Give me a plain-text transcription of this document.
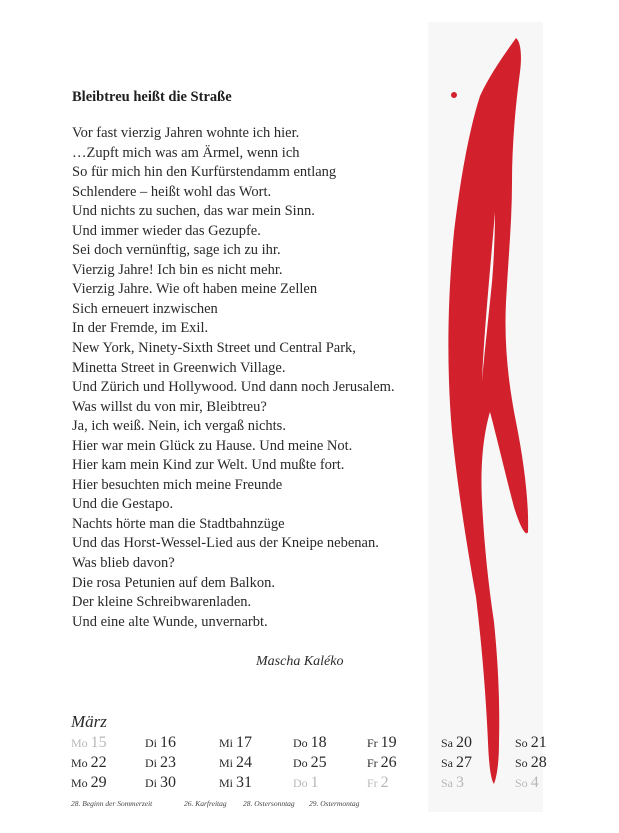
Bleibtreu heißt die Straße
Vor fast vierzig Jahren wohnte ich hier.
…Zupft mich was am Ärmel, wenn ich
So für mich hin den Kurfürstendamm entlang
Schlendere – heißt wohl das Wort.
Und nichts zu suchen, das war mein Sinn.
Und immer wieder das Gezupfe.
Sei doch vernünftig, sage ich zu ihr.
Vierzig Jahre! Ich bin es nicht mehr.
Vierzig Jahre. Wie oft haben meine Zellen
Sich erneuert inzwischen
In der Fremde, im Exil.
New York, Ninety-Sixth Street und Central Park,
Minetta Street in Greenwich Village.
Und Zürich und Hollywood. Und dann noch Jerusalem.
Was willst du von mir, Bleibtreu?
Ja, ich weiß. Nein, ich vergaß nichts.
Hier war mein Glück zu Hause. Und meine Not.
Hier kam mein Kind zur Welt. Und mußte fort.
Hier besuchten mich meine Freunde
Und die Gestapo.
Nachts hörte man die Stadtbahnzüge
Und das Horst-Wessel-Lied aus der Kneipe nebenan.
Was blieb davon?
Die rosa Petunien auf dem Balkon.
Der kleine Schreibwarenladen.
Und eine alte Wunde, unvernarbt.
Mascha Kaléko
März
Mo 15	Di 16	Mi 17	Do 18	Fr 19	Sa 20	So 21
Mo 22	Di 23	Mi 24	Do 25	Fr 26	Sa 27	So 28
Mo 29	Di 30	Mi 31	Do 1	Fr 2	Sa 3	So 4
28. Beginn der Sommerzeit	26. Karfreitag 28. Ostersonntag 29. Ostermontag
